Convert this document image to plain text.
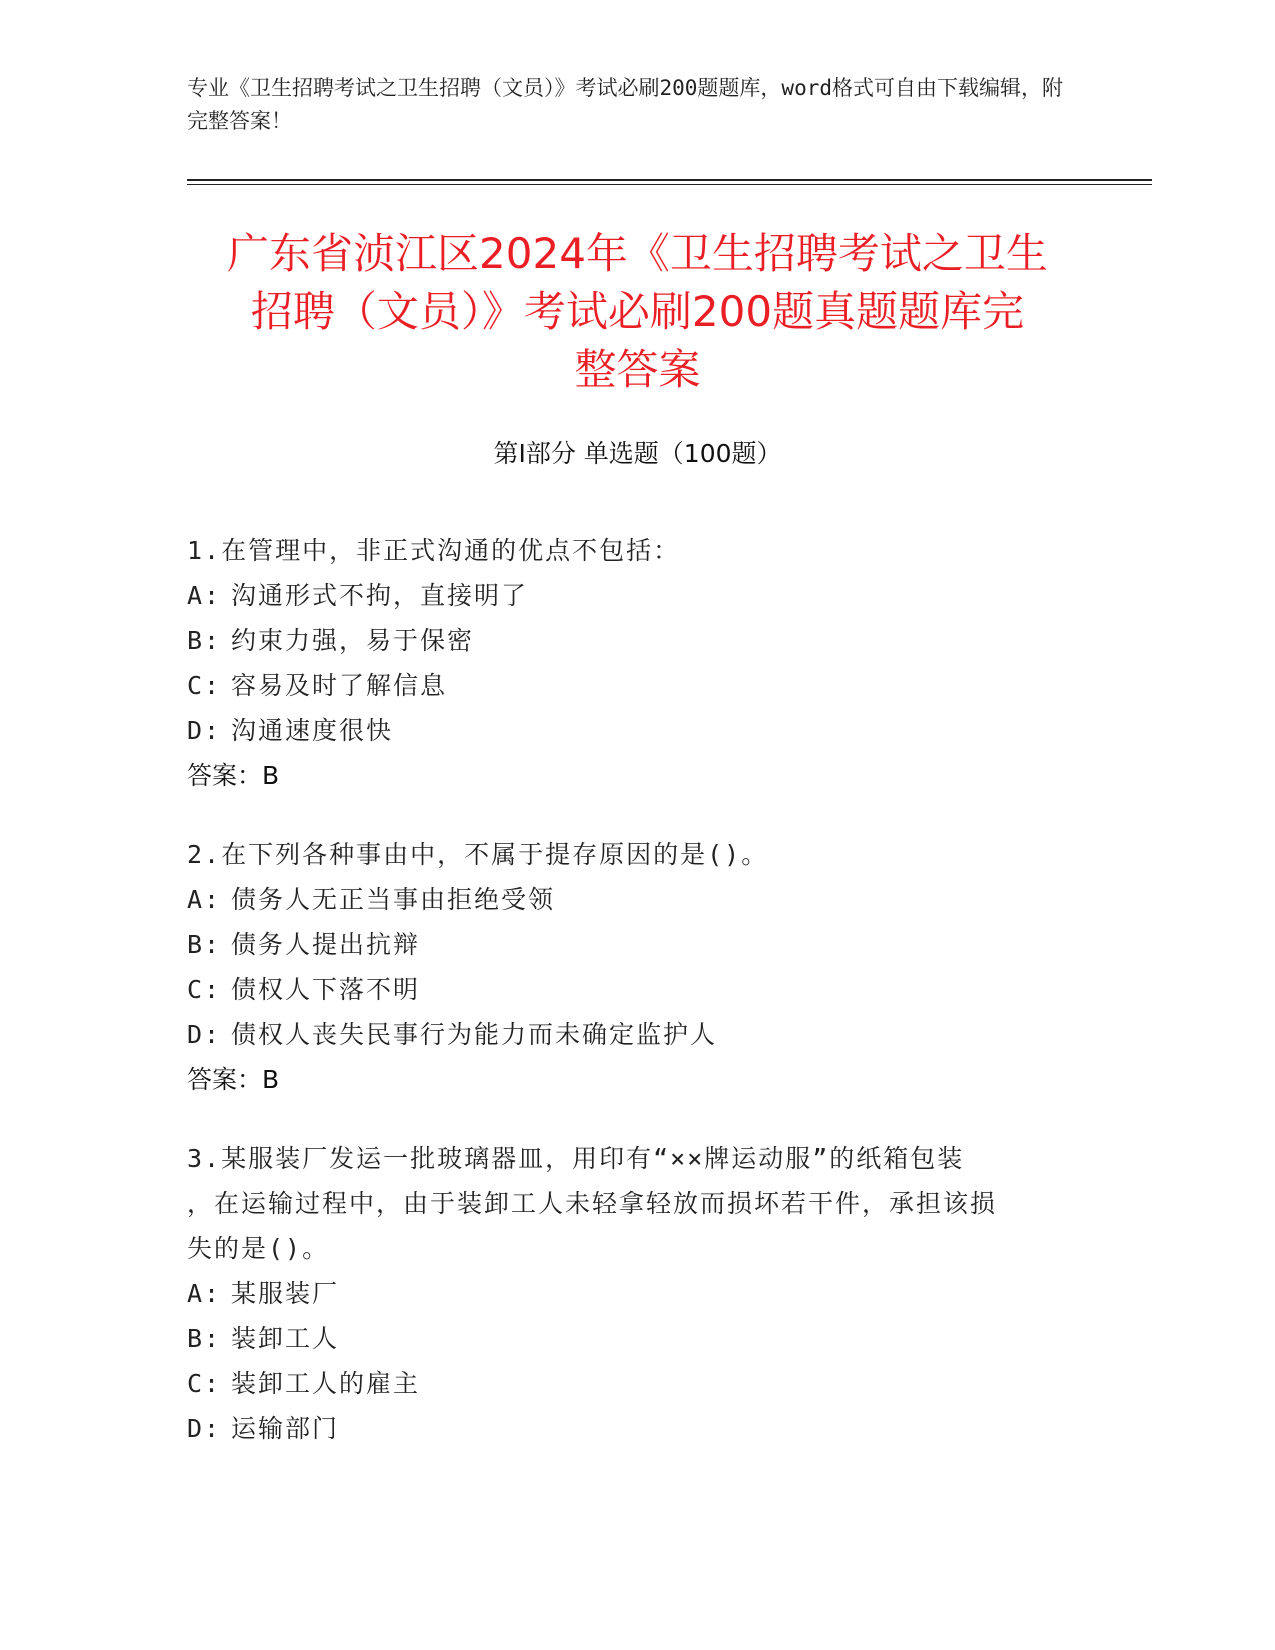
专业《卫生招聘考试之卫生招聘（文员）》考试必刷200题题库，word格式可自由下载编辑，附完整答案！
广东省浈江区2024年《卫生招聘考试之卫生
招聘（文员）》考试必刷200题真题题库完
整答案
第I部分 单选题（100题）
1.在管理中，非正式沟通的优点不包括：
A: 沟通形式不拘，直接明了
B: 约束力强，易于保密
C: 容易及时了解信息
D: 沟通速度很快
答案：B
2.在下列各种事由中，不属于提存原因的是()。
A: 债务人无正当事由拒绝受领
B: 债务人提出抗辩
C: 债权人下落不明
D: 债权人丧失民事行为能力而未确定监护人
答案：B
3.某服装厂发运一批玻璃器皿，用印有“××牌运动服”的纸箱包装
，在运输过程中，由于装卸工人未轻拿轻放而损坏若干件，承担该损
失的是()。
A: 某服装厂
B: 装卸工人
C: 装卸工人的雇主
D: 运输部门
